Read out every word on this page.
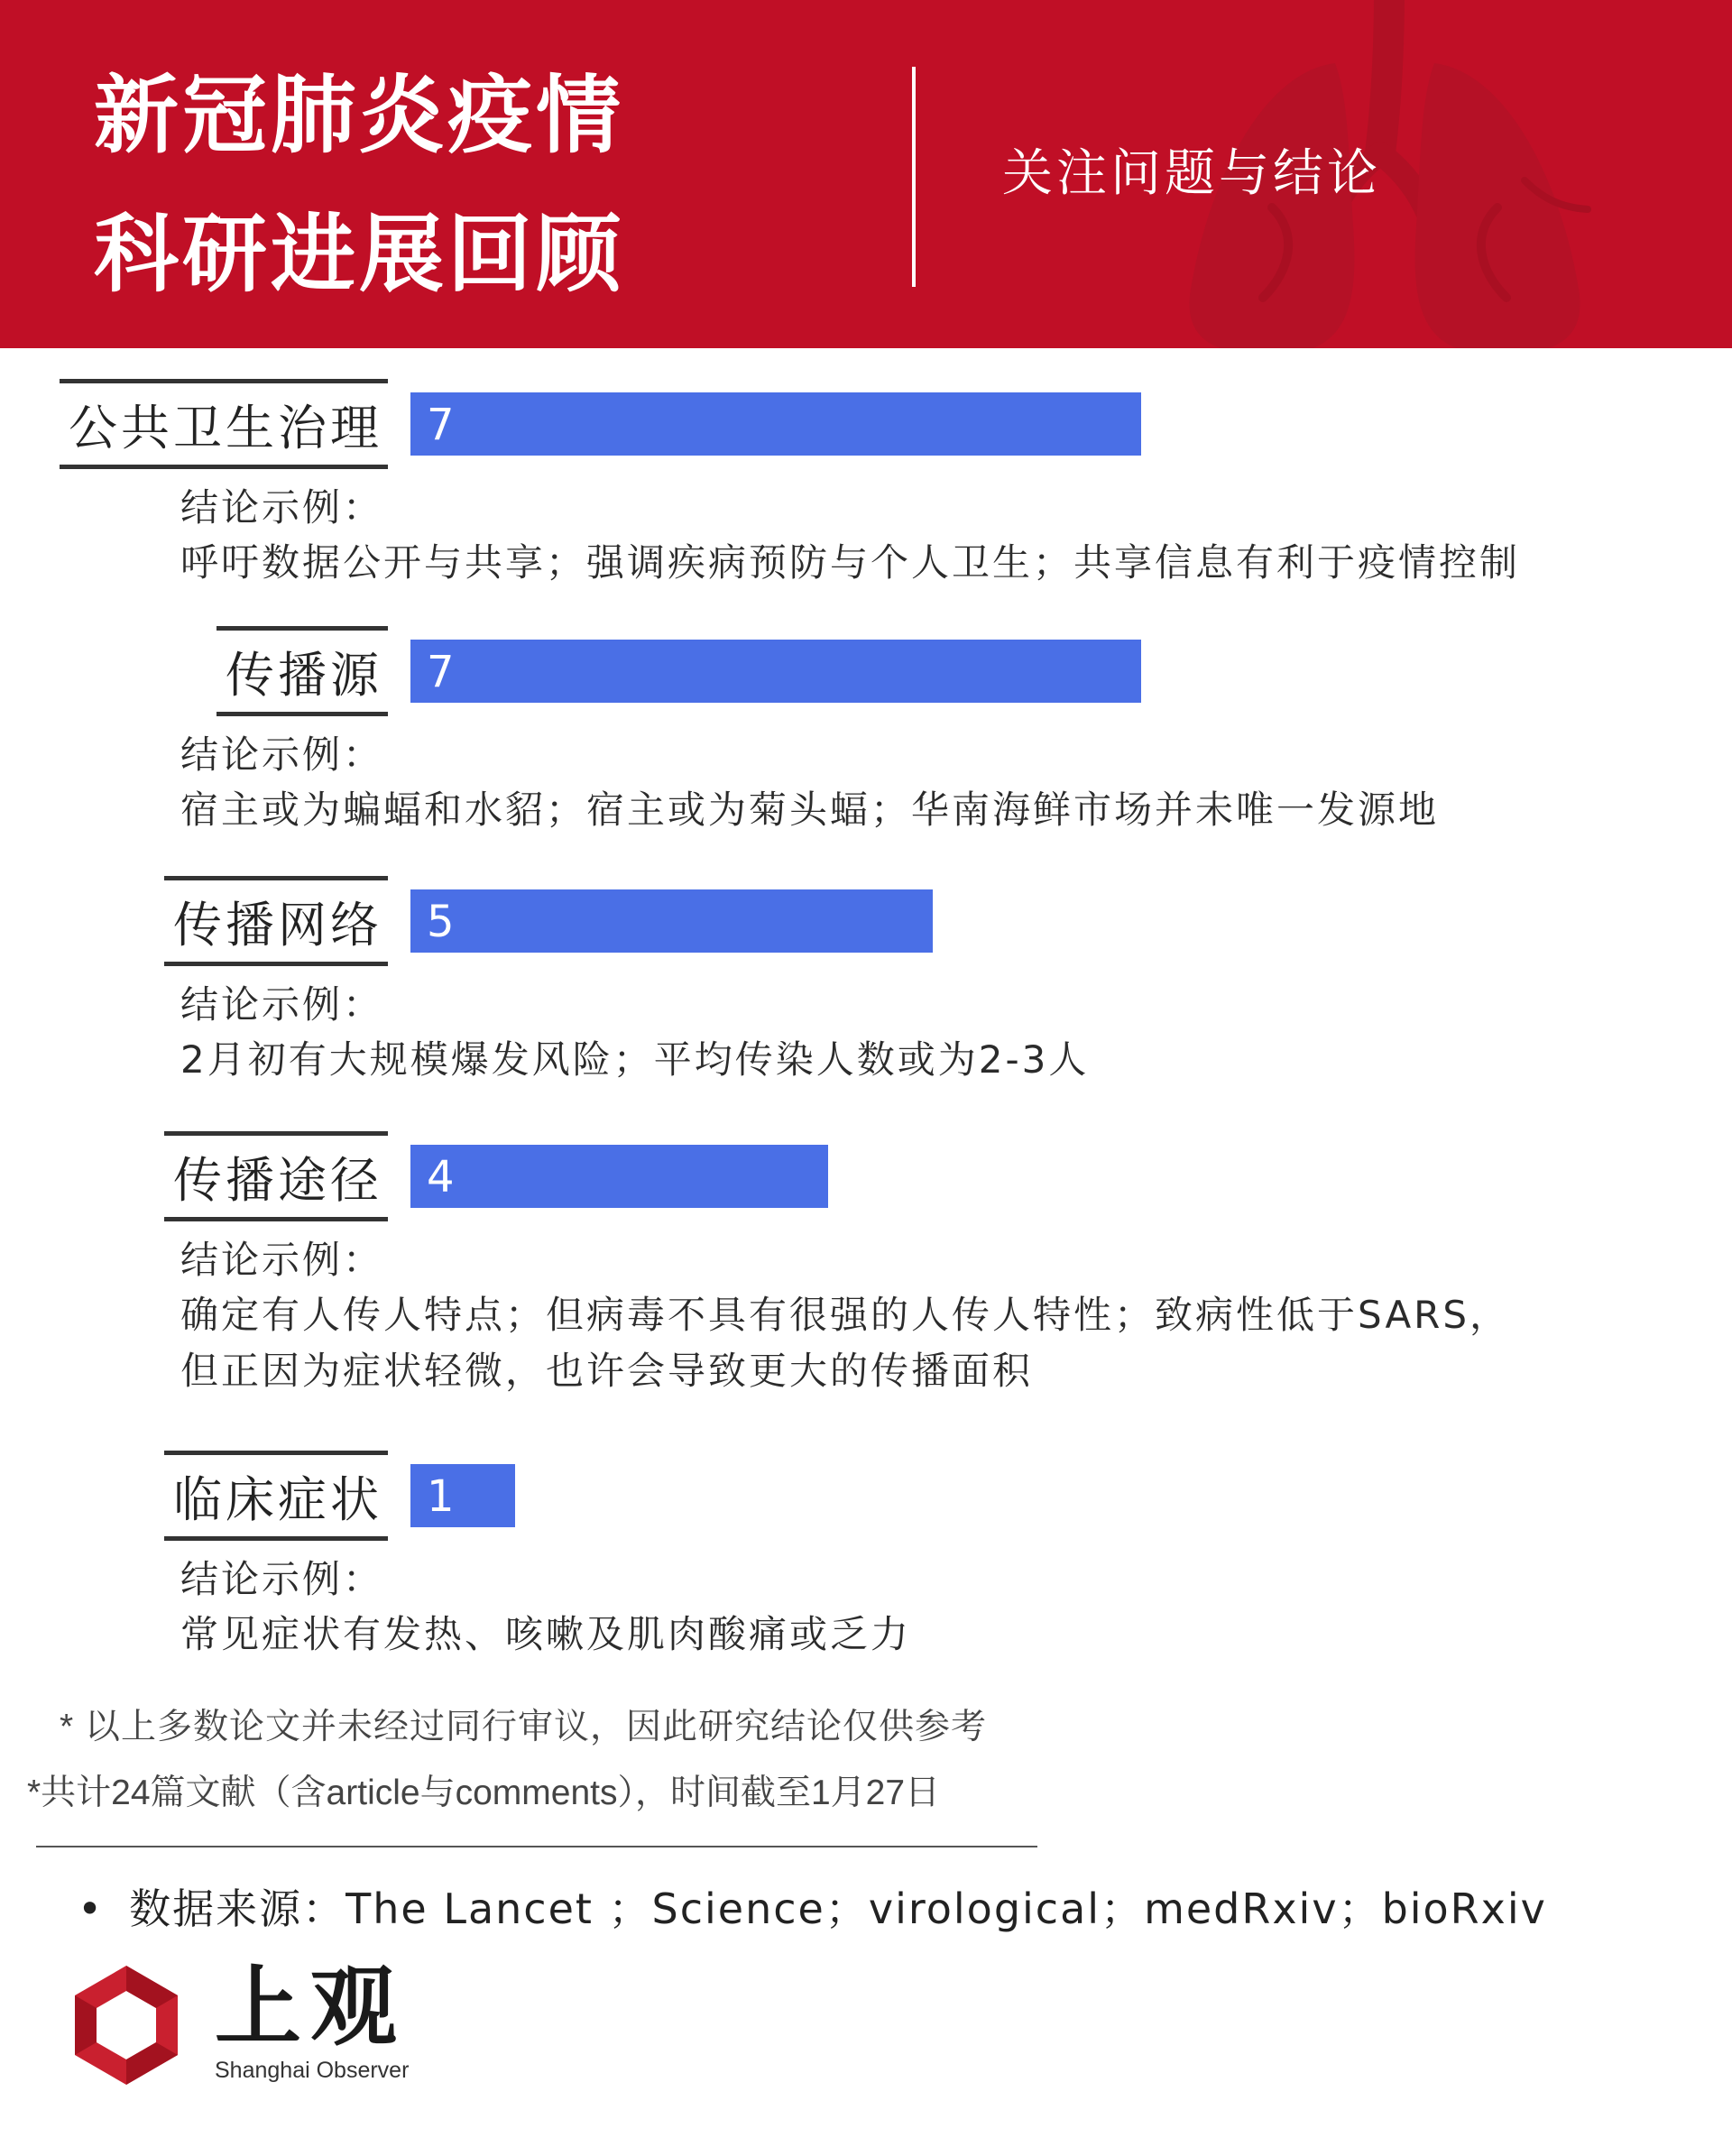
新冠肺炎疫情
科研进展回顾
关注问题与结论
公共卫生治理 7
结论示例：
呼吁数据公开与共享；强调疾病预防与个人卫生；共享信息有利于疫情控制
传播源 7
结论示例：
宿主或为蝙蝠和水貂；宿主或为菊头蝠；华南海鲜市场并未唯一发源地
传播网络 5
结论示例：
2月初有大规模爆发风险；平均传染人数或为2-3人
传播途径 4
结论示例：
确定有人传人特点；但病毒不具有很强的人传人特性；致病性低于SARS，
但正因为症状轻微，也许会导致更大的传播面积
临床症状 1
结论示例：
常见症状有发热、咳嗽及肌肉酸痛或乏力
* 以上多数论文并未经过同行审议，因此研究结论仅供参考
*共计24篇文献（含article与comments），时间截至1月27日
• 数据来源：The Lancet ；Science；virological；medRxiv；bioRxiv
上观
Shanghai Observer
